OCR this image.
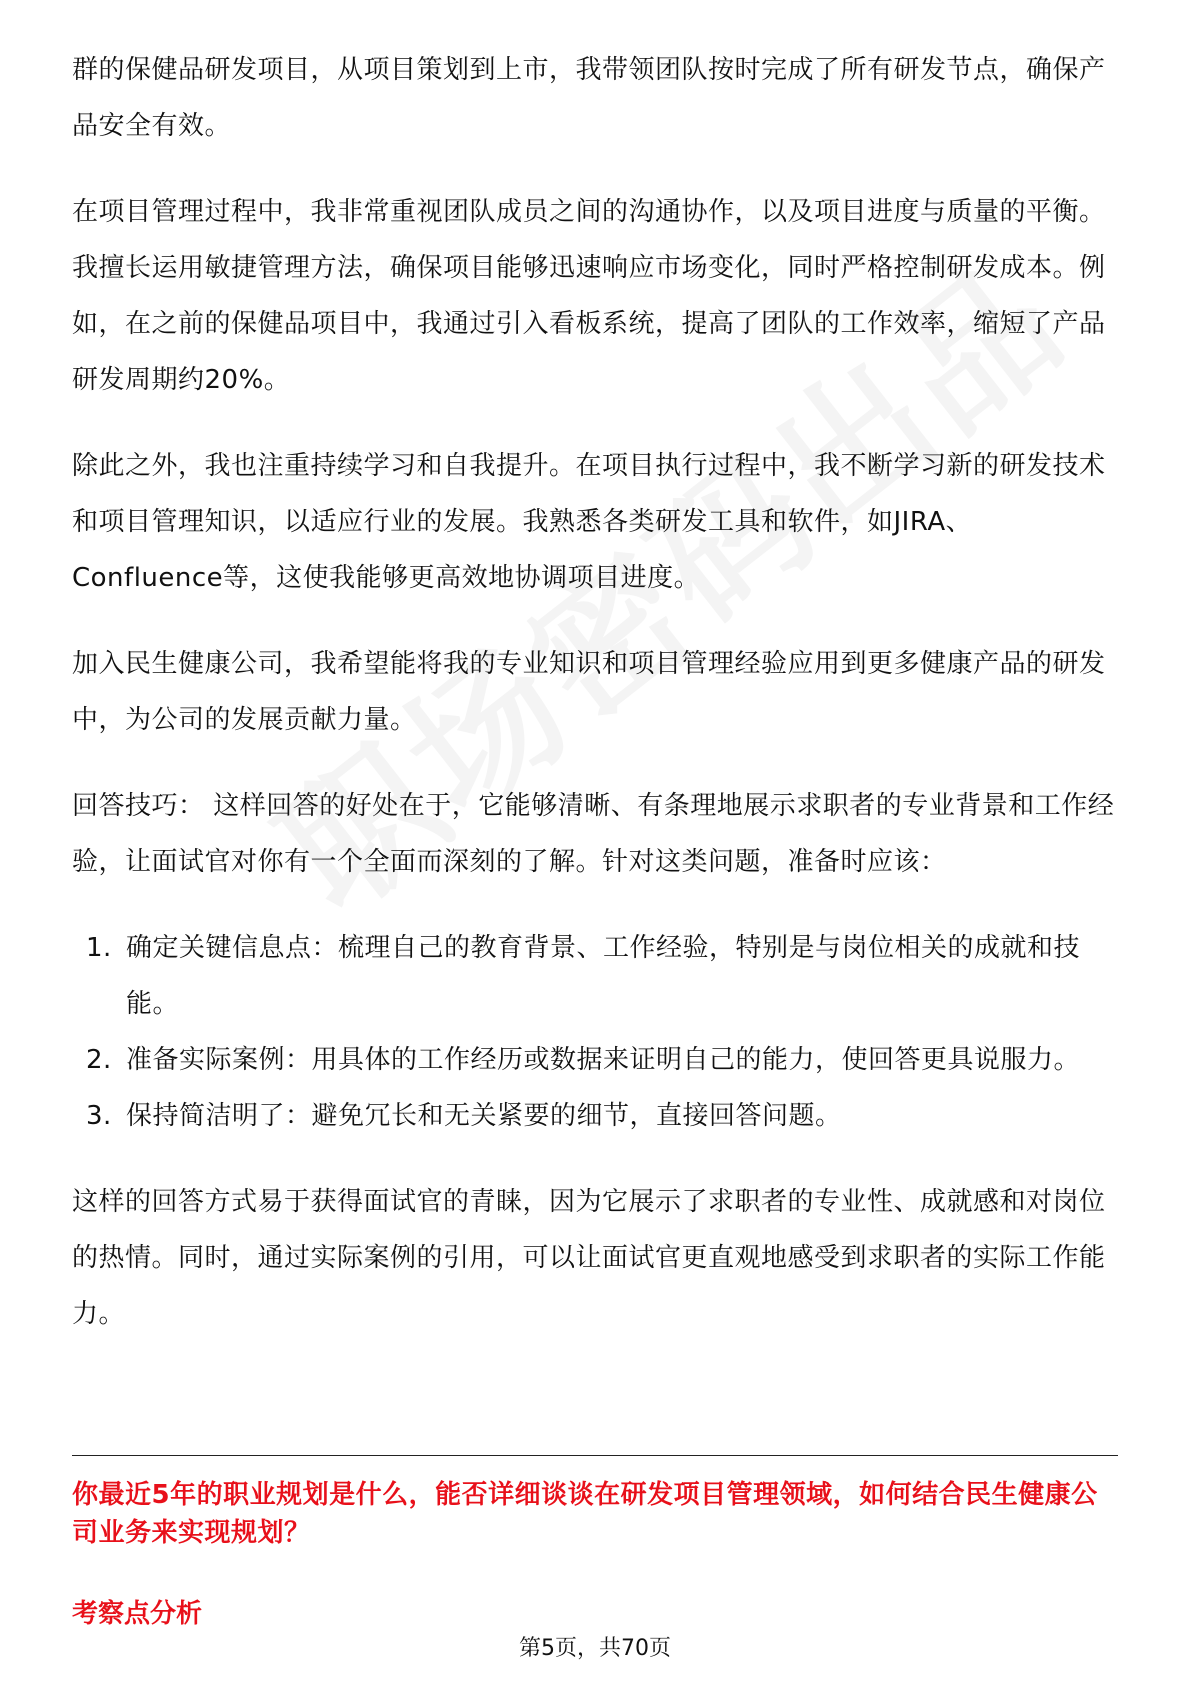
群的保健品研发项目，从项目策划到上市，我带领团队按时完成了所有研发节点，确保产品安全有效。

在项目管理过程中，我非常重视团队成员之间的沟通协作，以及项目进度与质量的平衡。我擅长运用敏捷管理方法，确保项目能够迅速响应市场变化，同时严格控制研发成本。例如，在之前的保健品项目中，我通过引入看板系统，提高了团队的工作效率，缩短了产品研发周期约20%。

除此之外，我也注重持续学习和自我提升。在项目执行过程中，我不断学习新的研发技术和项目管理知识，以适应行业的发展。我熟悉各类研发工具和软件，如JIRA、Confluence等，这使我能够更高效地协调项目进度。

加入民生健康公司，我希望能将我的专业知识和项目管理经验应用到更多健康产品的研发中，为公司的发展贡献力量。

回答技巧： 这样回答的好处在于，它能够清晰、有条理地展示求职者的专业背景和工作经验，让面试官对你有一个全面而深刻的了解。针对这类问题，准备时应该：

1. 确定关键信息点：梳理自己的教育背景、工作经验，特别是与岗位相关的成就和技能。
2. 准备实际案例：用具体的工作经历或数据来证明自己的能力，使回答更具说服力。
3. 保持简洁明了：避免冗长和无关紧要的细节，直接回答问题。

这样的回答方式易于获得面试官的青睐，因为它展示了求职者的专业性、成就感和对岗位的热情。同时，通过实际案例的引用，可以让面试官更直观地感受到求职者的实际工作能力。

你最近5年的职业规划是什么，能否详细谈谈在研发项目管理领域，如何结合民生健康公司业务来实现规划？
考察点分析
第5页，共70页
